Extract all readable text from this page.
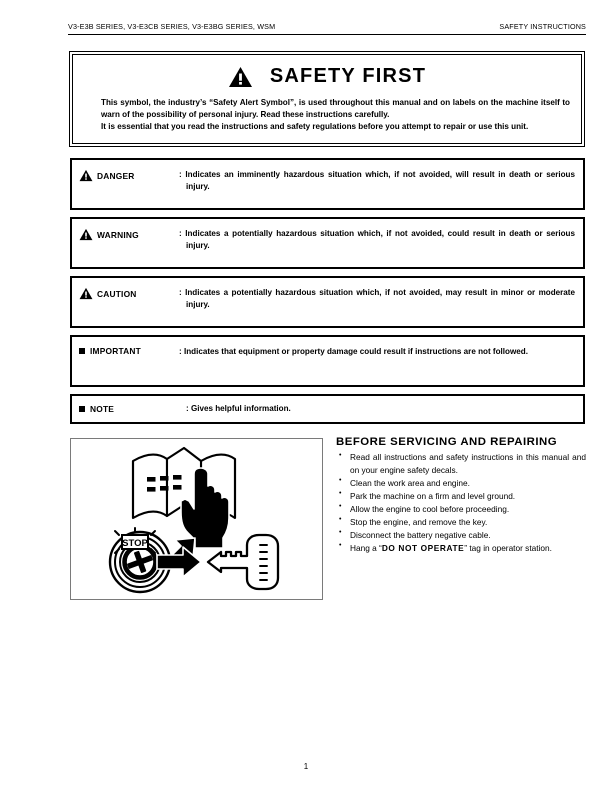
V3-E3B SERIES, V3-E3CB SERIES, V3-E3BG SERIES, WSM	SAFETY INSTRUCTIONS
SAFETY FIRST

This symbol, the industry’s “Safety Alert Symbol”, is used throughout this manual and on labels on the machine itself to warn of the possibility of personal injury. Read these instructions carefully.

It is essential that you read the instructions and safety regulations before you attempt to repair or use this unit.

DANGER	: Indicates an imminently hazardous situation which, if not avoided, will result in death or serious injury.
WARNING	: Indicates a potentially hazardous situation which, if not avoided, could result in death or serious injury.
CAUTION	: Indicates a potentially hazardous situation which, if not avoided, may result in minor or moderate injury.
IMPORTANT	: Indicates that equipment or property damage could result if instructions are not followed.
NOTE	: Gives helpful information.
STOP
BEFORE SERVICING AND REPAIRING
• Read all instructions and safety instructions in this manual and on your engine safety decals.
• Clean the work area and engine.
• Park the machine on a firm and level ground.
• Allow the engine to cool before proceeding.
• Stop the engine, and remove the key.
• Disconnect the battery negative cable.
• Hang a “DO NOT OPERATE” tag in operator station.
1
